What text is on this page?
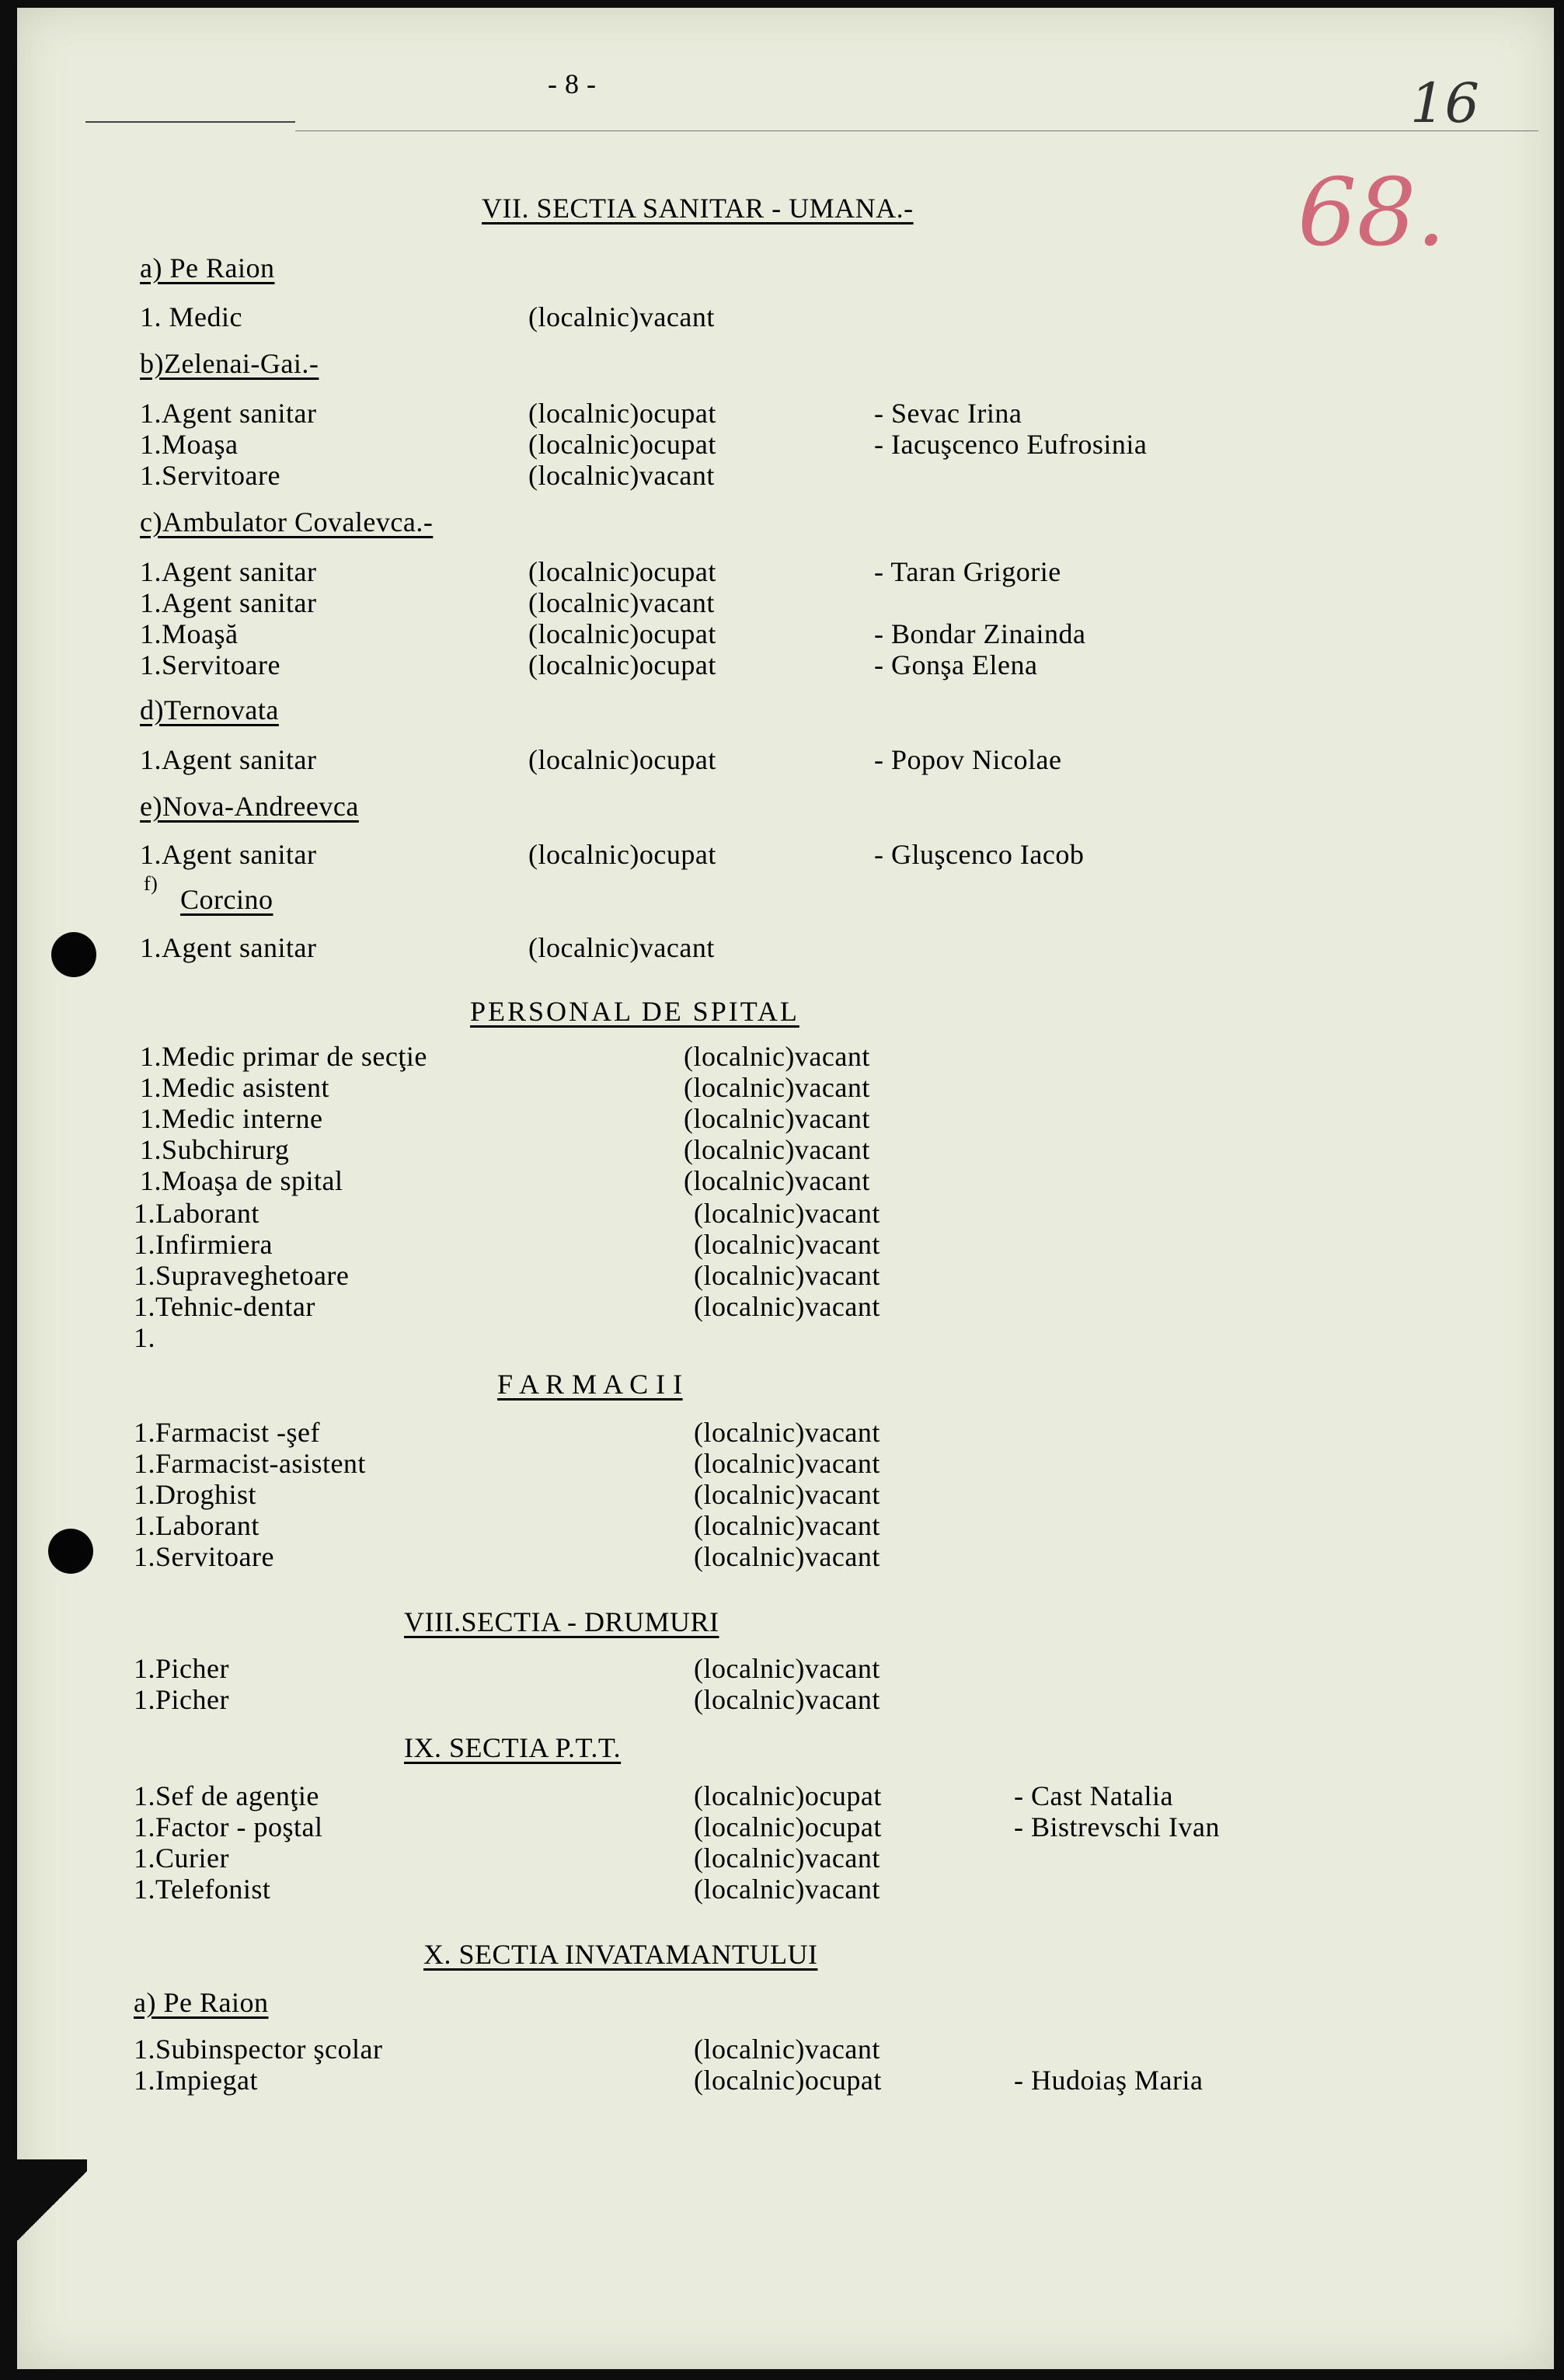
- 8 -	16
68.
VII. SECTIA SANITAR - UMANA.-
a) Pe Raion
1. Medic	(localnic)vacant
b)Zelenai-Gai.-
1.Agent sanitar	(localnic)ocupat	- Sevac Irina
1.Moaşa	(localnic)ocupat	- Iacuşcenco Eufrosinia
1.Servitoare	(localnic)vacant
c)Ambulator Covalevca.-
1.Agent sanitar	(localnic)ocupat	- Taran Grigorie
1.Agent sanitar	(localnic)vacant
1.Moaşă	(localnic)ocupat	- Bondar Zinainda
1.Servitoare	(localnic)ocupat	- Gonşa Elena
d)Ternovata
1.Agent sanitar	(localnic)ocupat	- Popov Nicolae
e)Nova-Andreevca
1.Agent sanitar	(localnic)ocupat	- Gluşcenco Iacob
f)
Corcino
1.Agent sanitar	(localnic)vacant
PERSONAL DE SPITAL
1.Medic primar de secţie	(localnic)vacant
1.Medic asistent	(localnic)vacant
1.Medic interne	(localnic)vacant
1.Subchirurg	(localnic)vacant
1.Moaşa de spital	(localnic)vacant
1.Laborant	(localnic)vacant
1.Infirmiera	(localnic)vacant
1.Supraveghetoare	(localnic)vacant
1.Tehnic-dentar	(localnic)vacant
1.
F A R M A C I I
1.Farmacist -şef	(localnic)vacant
1.Farmacist-asistent	(localnic)vacant
1.Droghist	(localnic)vacant
1.Laborant	(localnic)vacant
1.Servitoare	(localnic)vacant
VIII.SECTIA - DRUMURI
1.Picher	(localnic)vacant
1.Picher	(localnic)vacant
IX. SECTIA P.T.T.
1.Sef de agenţie	(localnic)ocupat	- Cast Natalia
1.Factor - poştal	(localnic)ocupat	- Bistrevschi Ivan
1.Curier	(localnic)vacant
1.Telefonist	(localnic)vacant
X. SECTIA INVATAMANTULUI
a) Pe Raion
1.Subinspector şcolar	(localnic)vacant
1.Impiegat	(localnic)ocupat	- Hudoiaş Maria
